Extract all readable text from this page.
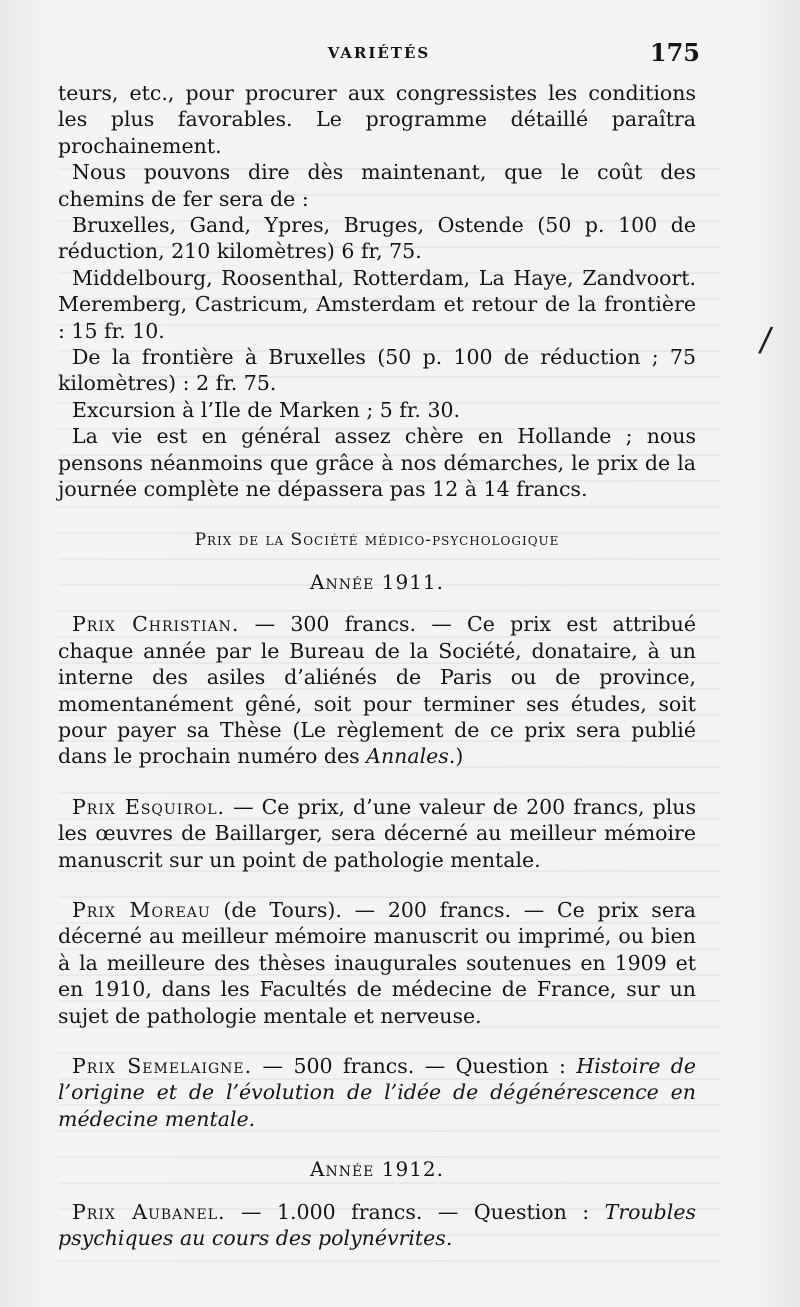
VARIÉTÉS	175
/

teurs, etc., pour procurer aux congressistes les conditions les plus favorables. Le programme détaillé paraîtra prochainement.

Nous pouvons dire dès maintenant, que le coût des chemins de fer sera de :

Bruxelles, Gand, Ypres, Bruges, Ostende (50 p. 100 de réduction, 210 kilomètres) 6 fr, 75.

Middelbourg, Roosenthal, Rotterdam, La Haye, Zandvoort. Meremberg, Castricum, Amsterdam et retour de la frontière : 15 fr. 10.

De la frontière à Bruxelles (50 p. 100 de réduction ; 75 kilomètres) : 2 fr. 75.

Excursion à l’Ile de Marken ; 5 fr. 30.

La vie est en général assez chère en Hollande ; nous pensons néanmoins que grâce à nos démarches, le prix de la journée complète ne dépassera pas 12 à 14 francs.

Prix de la Société médico-psychologique

Année 1911.

Prix Christian. — 300 francs. — Ce prix est attribué chaque année par le Bureau de la Société, donataire, à un interne des asiles d’aliénés de Paris ou de province, momentanément gêné, soit pour terminer ses études, soit pour payer sa Thèse (Le règlement de ce prix sera publié dans le prochain numéro des Annales.)

Prix Esquirol. — Ce prix, d’une valeur de 200 francs, plus les œuvres de Baillarger, sera décerné au meilleur mémoire manuscrit sur un point de pathologie mentale.

Prix Moreau (de Tours). — 200 francs. — Ce prix sera décerné au meilleur mémoire manuscrit ou imprimé, ou bien à la meilleure des thèses inaugurales soutenues en 1909 et en 1910, dans les Facultés de médecine de France, sur un sujet de pathologie mentale et nerveuse.

Prix Semelaigne. — 500 francs. — Question : Histoire de l’origine et de l’évolution de l’idée de dégénérescence en médecine mentale.

Année 1912.

Prix Aubanel. — 1.000 francs. — Question : Troubles psychiques au cours des polynévrites.
